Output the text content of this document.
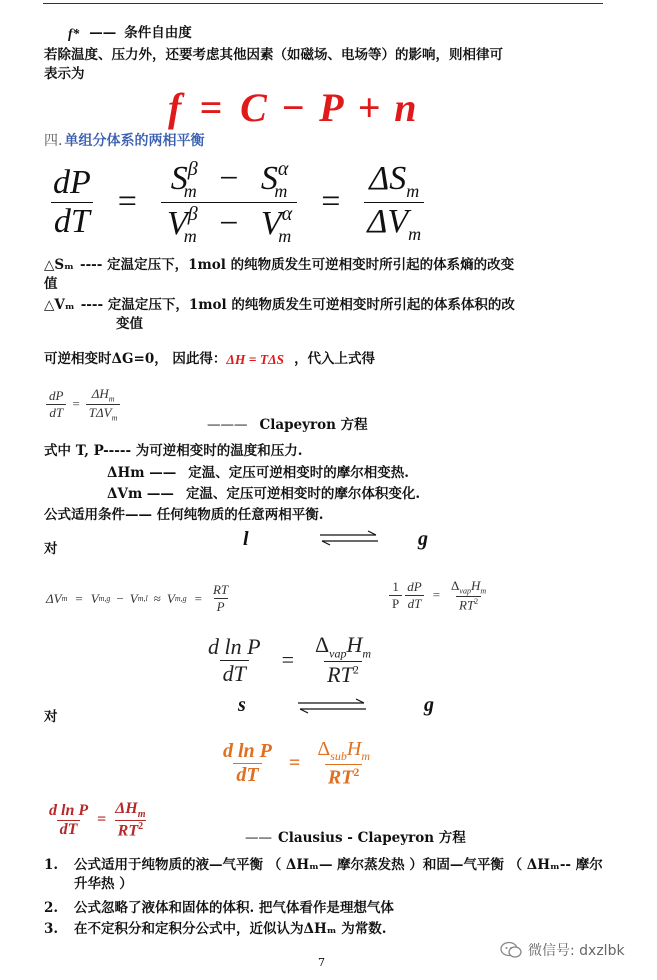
f* —— 条件自由度
若除温度、压力外，还要考虑其他因素（如磁场、电场等）的影响，则相律可
表示为
f = C − P + n
四. 单组分体系的两相平衡
$\frac{dP}{dT} = \frac{S^\beta_m - S^\alpha_m}{V^\beta_m - V^\alpha_m} = \frac{\Delta S_m}{\Delta V_m}$
△Sₘ ---- 定温定压下，1mol 的纯物质发生可逆相变时所引起的体系熵的改变
值
△Vₘ ---- 定温定压下，1mol 的纯物质发生可逆相变时所引起的体系体积的改
变值
可逆相变时ΔG=0， 因此得： ΔH = TΔS ，代入上式得
$\frac{dP}{dT} = \frac{\Delta H_m}{T\Delta V_m}$
——— Clapeyron 方程
式中 T, P----- 为可逆相变时的温度和压力.
ΔHm —— 定温、定压可逆相变时的摩尔相变热.
ΔVm —— 定温、定压可逆相变时的摩尔体积变化.
公式适用条件—— 任何纯物质的任意两相平衡.
对	l	g
ΔV m = V m,g − V m,l ≈ V $m,g = \frac{RT}{P}$	$\frac{1}{P} \frac{dP}{dT} = \frac{\Delta_{vap}H_m}{RT^2}$
$\frac{\text{d ln P}}{dT} = \frac{\Delta_{vap}H_m}{RT^2}$
对
s	g
$\frac{\text{d ln P}}{dT} = \frac{\Delta_{sub}H_m}{RT^2}$
$\frac{\text{d ln P}}{dT} = \frac{\Delta H_m}{RT^2}$	—— Clausius - Clapeyron 方程
1.	公式适用于纯物质的液—气平衡 （ ΔHₘ— 摩尔蒸发热 ）和固—气平衡 （ ΔHₘ-- 摩尔
升华热 ）
2.	公式忽略了液体和固体的体积. 把气体看作是理想气体
3.	在不定积分和定积分公式中，近似认为ΔHₘ 为常数.
微信号: dxzlbk
7
